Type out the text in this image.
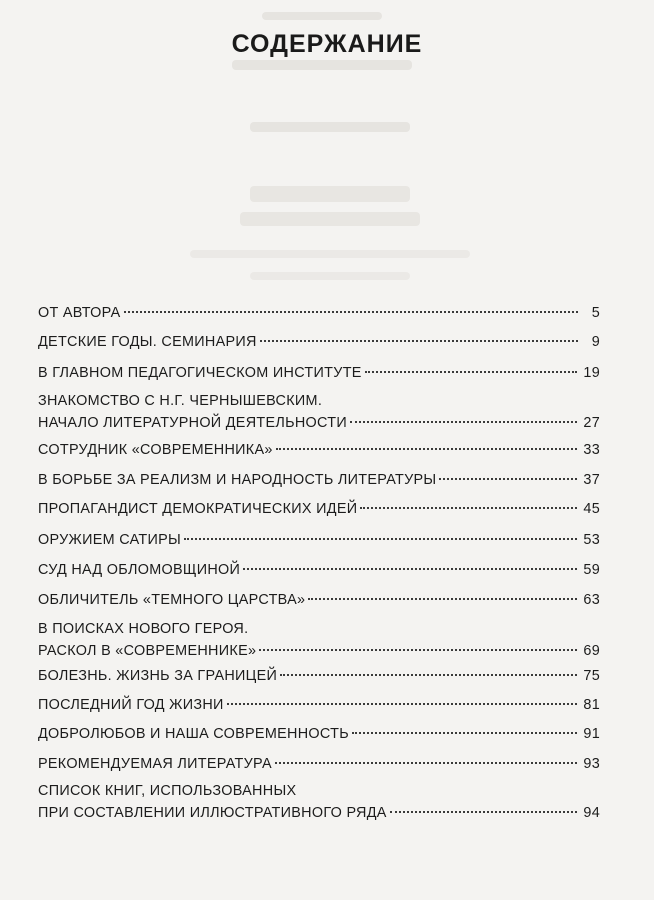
СОДЕРЖАНИЕ
ОТ АВТОРА	5
ДЕТСКИЕ ГОДЫ. СЕМИНАРИЯ	9
В ГЛАВНОМ ПЕДАГОГИЧЕСКОМ ИНСТИТУТЕ	19
ЗНАКОМСТВО С Н.Г. ЧЕРНЫШЕВСКИМ.
НАЧАЛО ЛИТЕРАТУРНОЙ ДЕЯТЕЛЬНОСТИ	27
СОТРУДНИК «СОВРЕМЕННИКА»	33
В БОРЬБЕ ЗА РЕАЛИЗМ И НАРОДНОСТЬ ЛИТЕРАТУРЫ	37
ПРОПАГАНДИСТ ДЕМОКРАТИЧЕСКИХ ИДЕЙ	45
ОРУЖИЕМ САТИРЫ	53
СУД НАД ОБЛОМОВЩИНОЙ	59
ОБЛИЧИТЕЛЬ «ТЕМНОГО ЦАРСТВА»	63
В ПОИСКАХ НОВОГО ГЕРОЯ.
РАСКОЛ В «СОВРЕМЕННИКЕ»	69
БОЛЕЗНЬ. ЖИЗНЬ ЗА ГРАНИЦЕЙ	75
ПОСЛЕДНИЙ ГОД ЖИЗНИ	81
ДОБРОЛЮБОВ И НАША СОВРЕМЕННОСТЬ	91
РЕКОМЕНДУЕМАЯ ЛИТЕРАТУРА	93
СПИСОК КНИГ, ИСПОЛЬЗОВАННЫХ
ПРИ СОСТАВЛЕНИИ ИЛЛЮСТРАТИВНОГО РЯДА	94
